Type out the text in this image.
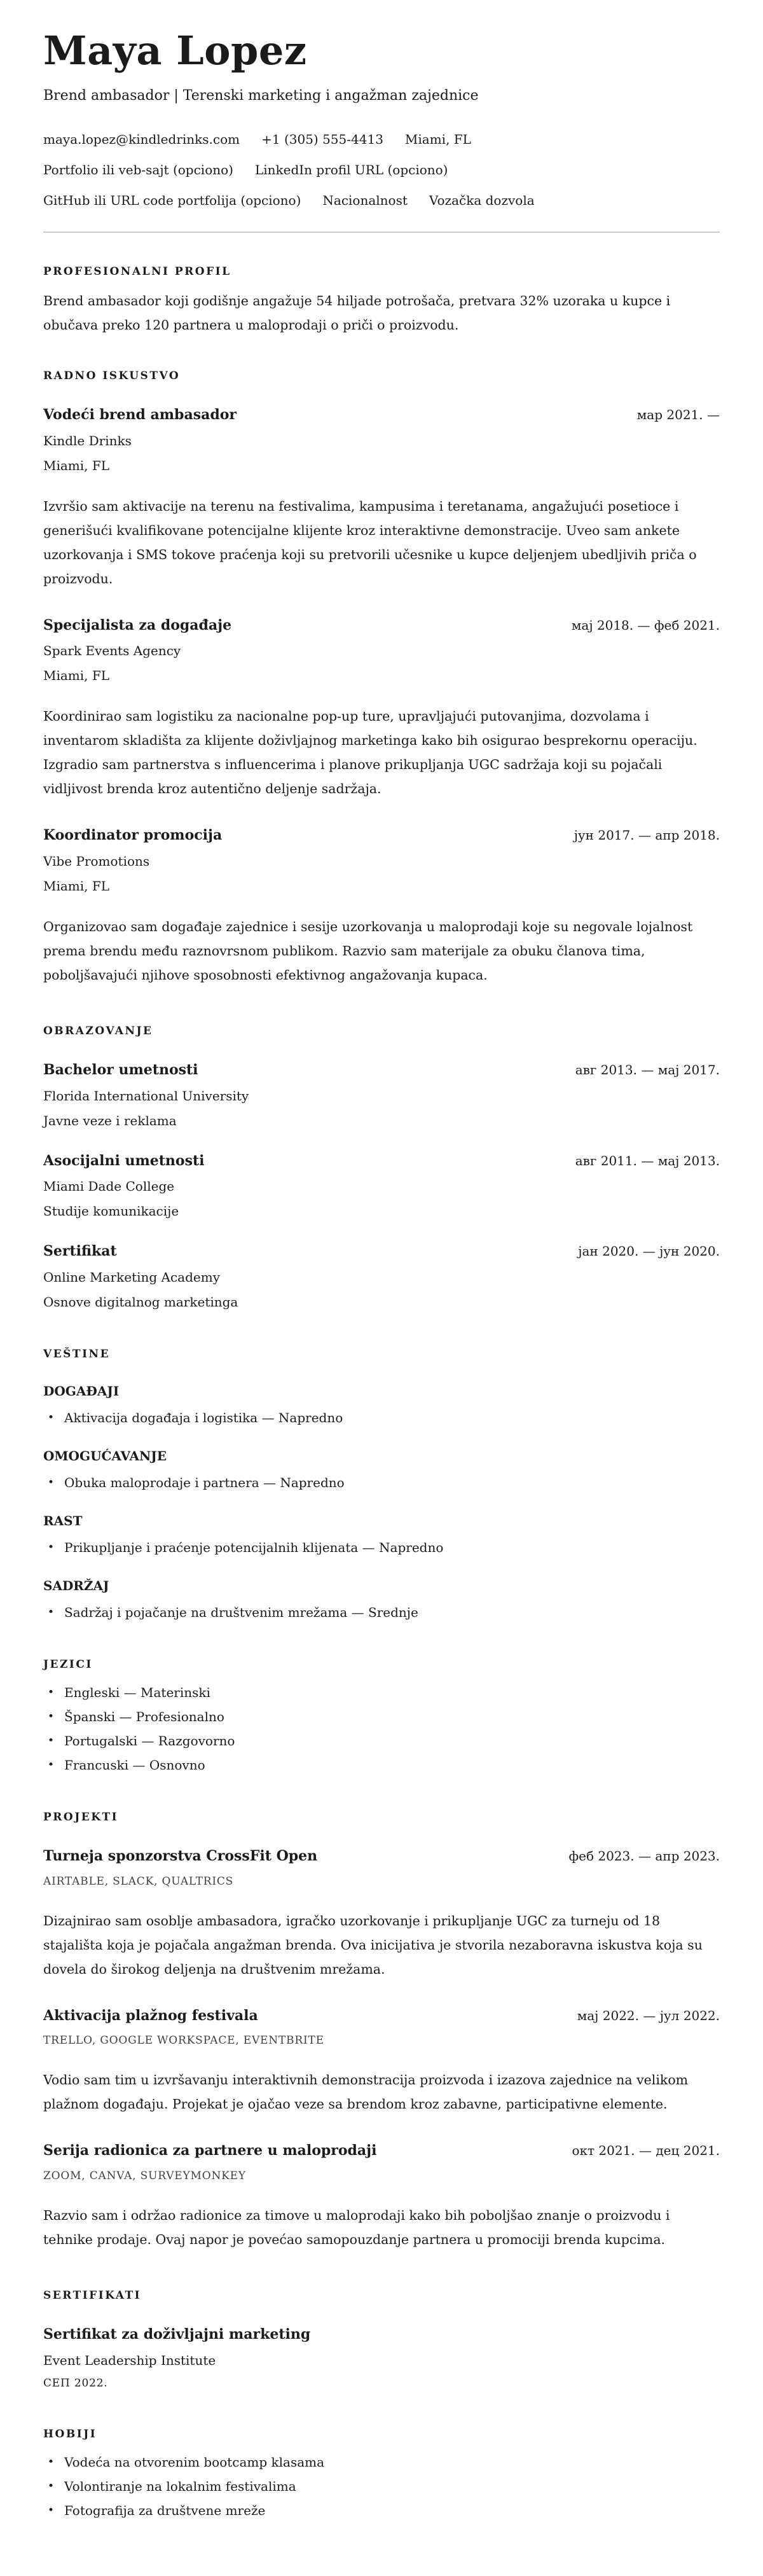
Maya Lopez
Brend ambasador | Terenski marketing i angažman zajednice
maya.lopez@kindledrinks.com +1 (305) 555-4413 Miami, FL
Portfolio ili veb-sajt (opciono) LinkedIn profil URL (opciono)
GitHub ili URL code portfolija (opciono) Nacionalnost Vozačka dozvola
PROFESIONALNI PROFIL

Brend ambasador koji godišnje angažuje 54 hiljade potrošača, pretvara 32% uzoraka u kupce i obučava preko 120 partnera u maloprodaji o priči o proizvodu.

RADNO ISKUSTVO
Vodeći brend ambasador	мар 2021. —
Kindle Drinks
Miami, FL

Izvršio sam aktivacije na terenu na festivalima, kampusima i teretanama, angažujući posetioce i generišući kvalifikovane potencijalne klijente kroz interaktivne demonstracije. Uveo sam ankete uzorkovanja i SMS tokove praćenja koji su pretvorili učesnike u kupce deljenjem ubedljivih priča o proizvodu.

Specijalista za događaje	мај 2018. — феб 2021.
Spark Events Agency
Miami, FL

Koordinirao sam logistiku za nacionalne pop-up ture, upravljajući putovanjima, dozvolama i inventarom skladišta za klijente doživljajnog marketinga kako bih osigurao besprekornu operaciju. Izgradio sam partnerstva s influencerima i planove prikupljanja UGC sadržaja koji su pojačali vidljivost brenda kroz autentično deljenje sadržaja.

Koordinator promocija	јун 2017. — апр 2018.
Vibe Promotions
Miami, FL

Organizovao sam događaje zajednice i sesije uzorkovanja u maloprodaji koje su negovale lojalnost prema brendu među raznovrsnom publikom. Razvio sam materijale za obuku članova tima, poboljšavajući njihove sposobnosti efektivnog angažovanja kupaca.

OBRAZOVANJE
Bachelor umetnosti	авг 2013. — мај 2017.
Florida International University
Javne veze i reklama
Asocijalni umetnosti	авг 2011. — мај 2013.
Miami Dade College
Studije komunikacije
Sertifikat	јан 2020. — јун 2020.
Online Marketing Academy
Osnove digitalnog marketinga
VEŠTINE
DOGAĐAJI
• Aktivacija događaja i logistika — Napredno
OMOGUĆAVANJE
• Obuka maloprodaje i partnera — Napredno
RAST
• Prikupljanje i praćenje potencijalnih klijenata — Napredno
SADRŽAJ
• Sadržaj i pojačanje na društvenim mrežama — Srednje
JEZICI
• Engleski — Materinski
• Španski — Profesionalno
• Portugalski — Razgovorno
• Francuski — Osnovno
PROJEKTI
Turneja sponzorstva CrossFit Open	феб 2023. — апр 2023.
AIRTABLE, SLACK, QUALTRICS

Dizajnirao sam osoblje ambasadora, igračko uzorkovanje i prikupljanje UGC za turneju od 18 stajališta koja je pojačala angažman brenda. Ova inicijativa je stvorila nezaboravna iskustva koja su dovela do širokog deljenja na društvenim mrežama.

Aktivacija plažnog festivala	мај 2022. — јул 2022.
TRELLO, GOOGLE WORKSPACE, EVENTBRITE

Vodio sam tim u izvršavanju interaktivnih demonstracija proizvoda i izazova zajednice na velikom plažnom događaju. Projekat je ojačao veze sa brendom kroz zabavne, participativne elemente.

Serija radionica za partnere u maloprodaji	окт 2021. — дец 2021.
ZOOM, CANVA, SURVEYMONKEY

Razvio sam i održao radionice za timove u maloprodaji kako bih poboljšao znanje o proizvodu i tehnike prodaje. Ovaj napor je povećao samopouzdanje partnera u promociji brenda kupcima.

SERTIFIKATI
Sertifikat za doživljajni marketing
Event Leadership Institute
СЕП 2022.
HOBIJI
• Vodeća na otvorenim bootcamp klasama
• Volontiranje na lokalnim festivalima
• Fotografija za društvene mreže
